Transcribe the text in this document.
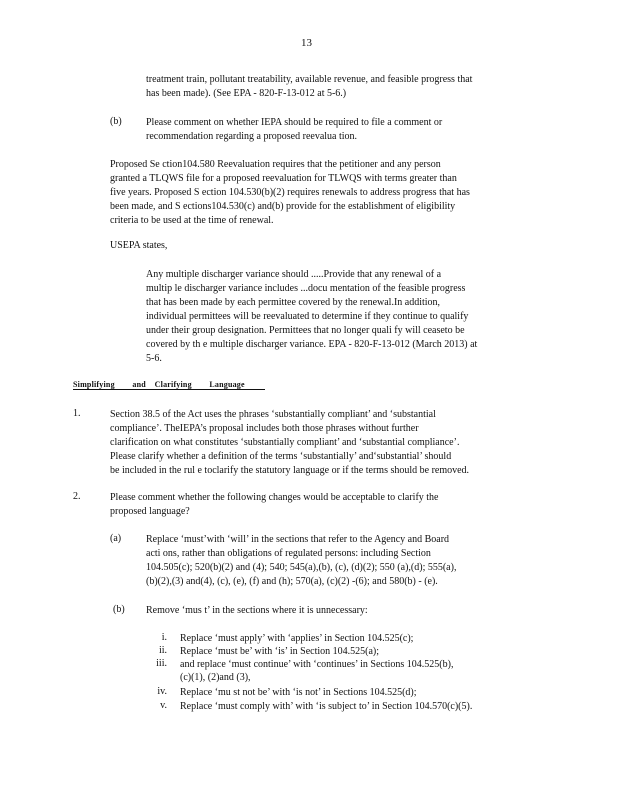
13
treatment train, pollutant treatability, available revenue, and feasible progress that
has been made). (See EPA - 820-F-13-012 at 5-6.)
(b) Please comment on whether IEPA should be required to file a comment or
recommendation regarding a proposed reevalua tion.
Proposed Se ction104.580 Reevaluation requires that the petitioner and any person
granted a TLQWS file for a proposed reevaluation for TLWQS with terms greater than
five years. Proposed S ection 104.530(b)(2) requires renewals to address progress that has
been made, and S ections104.530(c) and(b) provide for the establishment of eligibility
criteria to be used at the time of renewal.
USEPA states,
Any multiple discharger variance should .....Provide that any renewal of a
multip le discharger variance includes ...docu mentation of the feasible progress
that has been made by each permittee covered by the renewal.In addition,
individual permittees will be reevaluated to determine if they continue to qualify
under their group designation. Permittees that no longer quali fy will ceaseto be
covered by th e multiple discharger variance. EPA - 820-F-13-012 (March 2013) at
5-6.
Simplifying        and    Clarifying        Language
1.	Section 38.5 of the Act uses the phrases ‘substantially compliant’ and ‘substantial
compliance’. TheIEPA’s proposal includes both those phrases without further
clarification on what constitutes ‘substantially compliant’ and ‘substantial compliance’.
Please clarify whether a definition of the terms ‘substantially’ and‘substantial’ should
be included in the rul e toclarify the statutory language or if the terms should be removed.
2.	Please comment whether the following changes would be acceptable to clarify the
proposed language?
(a) Replace ‘must’with ‘will’ in the sections that refer to the Agency and Board
acti ons, rather than obligations of regulated persons: including Section
104.505(c); 520(b)(2) and (4); 540; 545(a),(b), (c), (d)(2); 550 (a),(d); 555(a),
(b)(2),(3) and(4), (c), (e), (f) and (h); 570(a), (c)(2) -(6); and 580(b) - (e).
(b) Remove ‘mus t’ in the sections where it is unnecessary:
i. Replace ‘must apply’ with ‘applies’ in Section 104.525(c);
ii. Replace ‘must be’ with ‘is’ in Section 104.525(a);
iii. and replace ‘must continue’ with ‘continues’ in Sections 104.525(b),
(c)(1), (2)and (3),
iv. Replace ‘mu st not be’ with ‘is not’ in Sections 104.525(d);
v. Replace ‘must comply with’ with ‘is subject to’ in Section 104.570(c)(5).
